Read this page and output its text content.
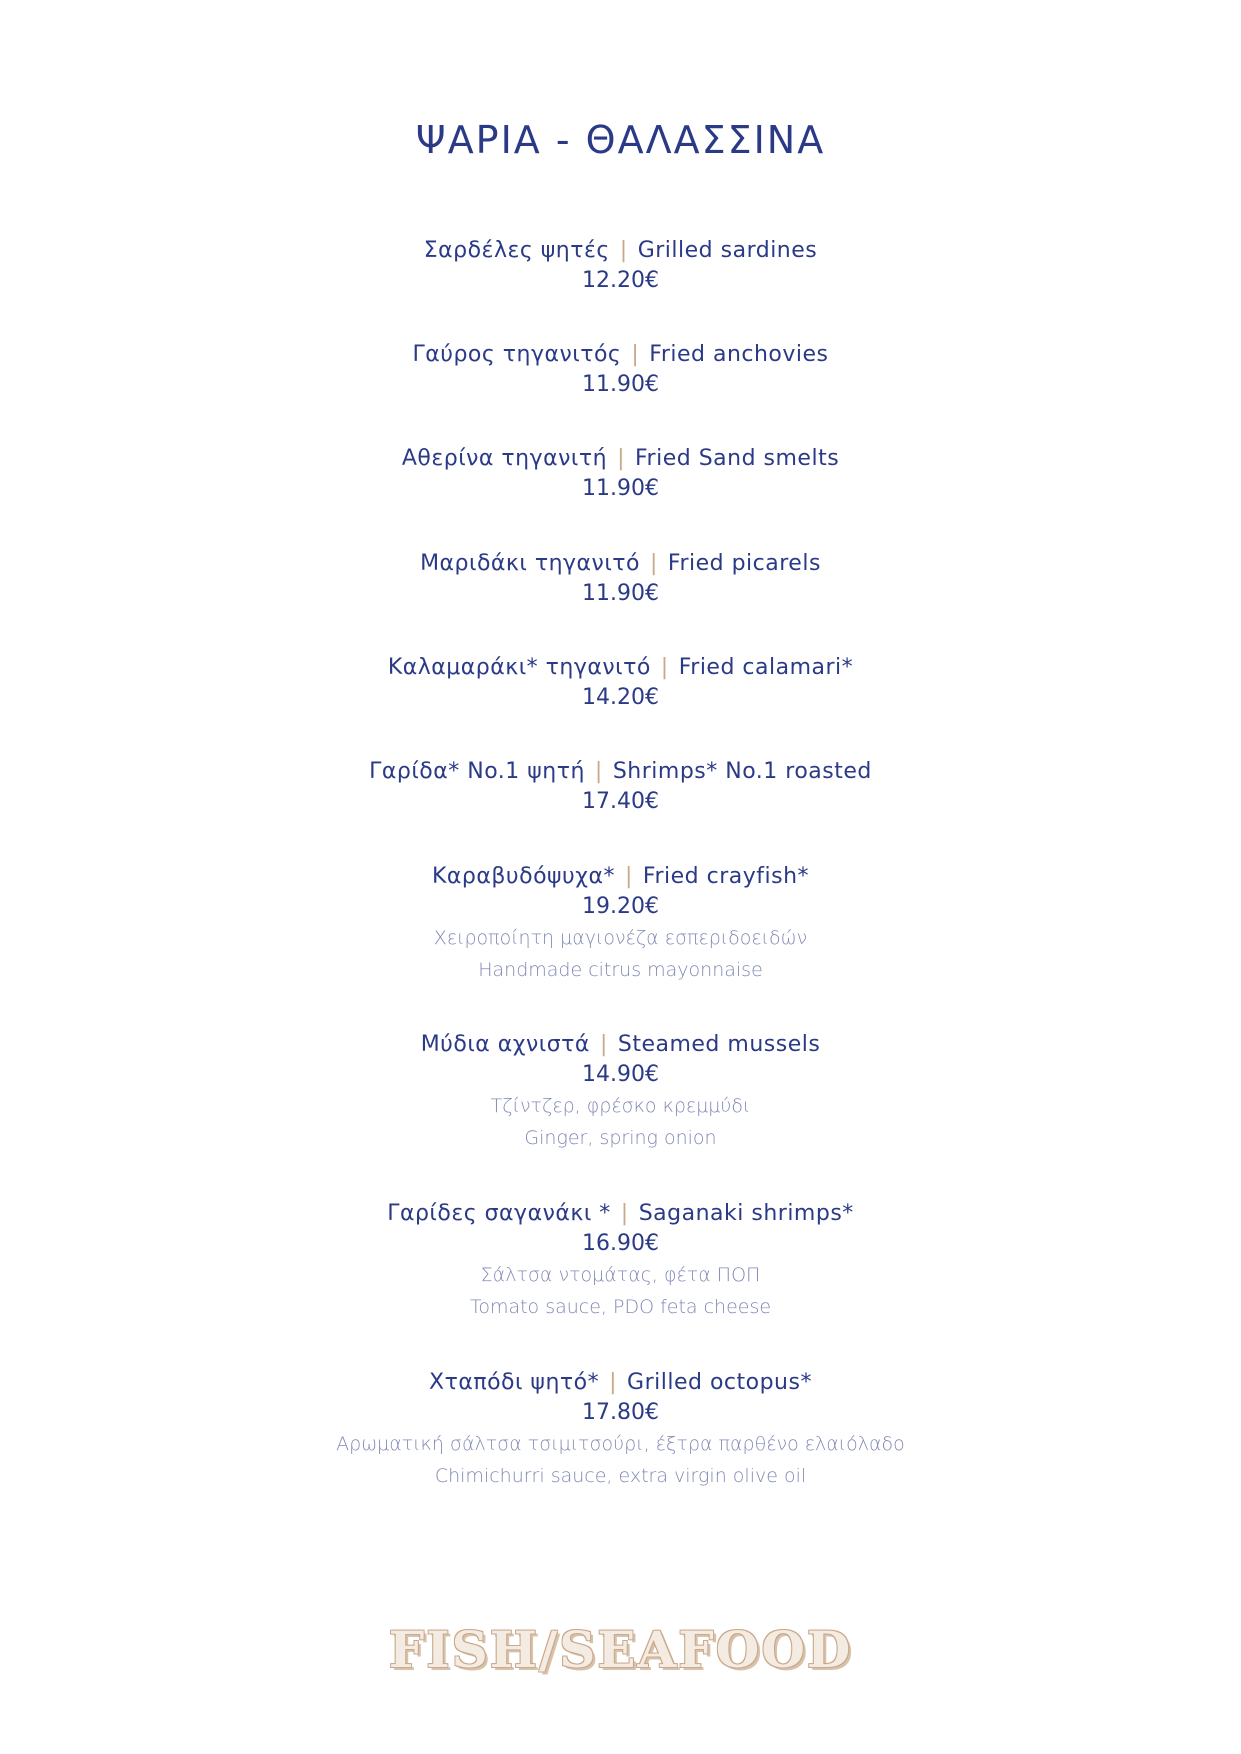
ΨΑΡΙΑ - ΘΑΛΑΣΣΙΝΑ
Σαρδέλες ψητές | Grilled sardines
12.20€
Γαύρος τηγανιτός | Fried anchovies
11.90€
Αθερίνα τηγανιτή | Fried Sand smelts
11.90€
Μαριδάκι τηγανιτό | Fried picarels
11.90€
Καλαμαράκι* τηγανιτό | Fried calamari*
14.20€
Γαρίδα* No.1 ψητή | Shrimps* No.1 roasted
17.40€
Καραβυδόψυχα* | Fried crayfish*
19.20€
Χειροποίητη μαγιονέζα εσπεριδοειδών
Handmade citrus mayonnaise
Μύδια αχνιστά | Steamed mussels
14.90€
Τζίντζερ, φρέσκο κρεμμύδι
Ginger, spring onion
Γαρίδες σαγανάκι * | Saganaki shrimps*
16.90€
Σάλτσα ντομάτας, φέτα ΠΟΠ
Tomato sauce, PDO feta cheese
Χταπόδι ψητό* | Grilled octopus*
17.80€
Αρωματική σάλτσα τσιμιτσούρι, έξτρα παρθένο ελαιόλαδο
Chimichurri sauce, extra virgin olive oil
FISH/SEAFOOD
